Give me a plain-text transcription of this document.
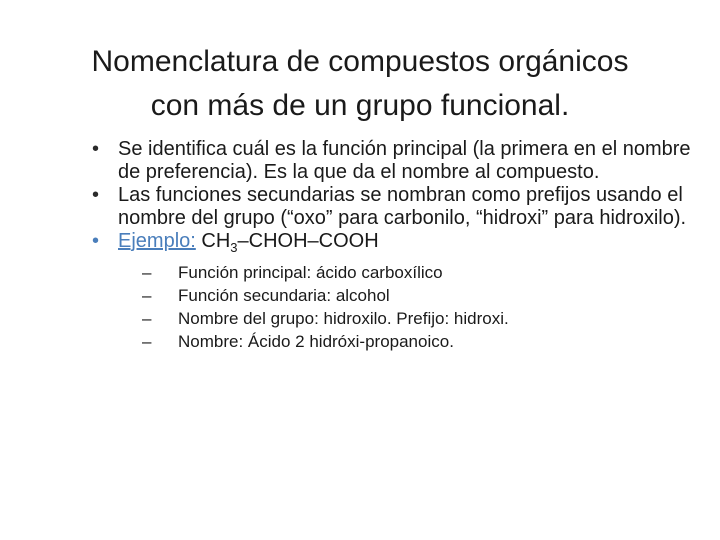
Nomenclatura de compuestos orgánicos
con más de un grupo funcional.
• Se identifica cuál es la función principal (la primera en el nombre de preferencia). Es la que da el nombre al compuesto.
• Las funciones secundarias se nombran como prefijos usando el nombre del grupo (“oxo” para carbonilo, “hidroxi” para hidroxilo).
• Ejemplo: $CH_3-CHOH$–COOH
– Función principal: ácido carboxílico
– Función secundaria: alcohol
– Nombre del grupo: hidroxilo. Prefijo: hidroxi.
– Nombre: Ácido 2 hidróxi-propanoico.
